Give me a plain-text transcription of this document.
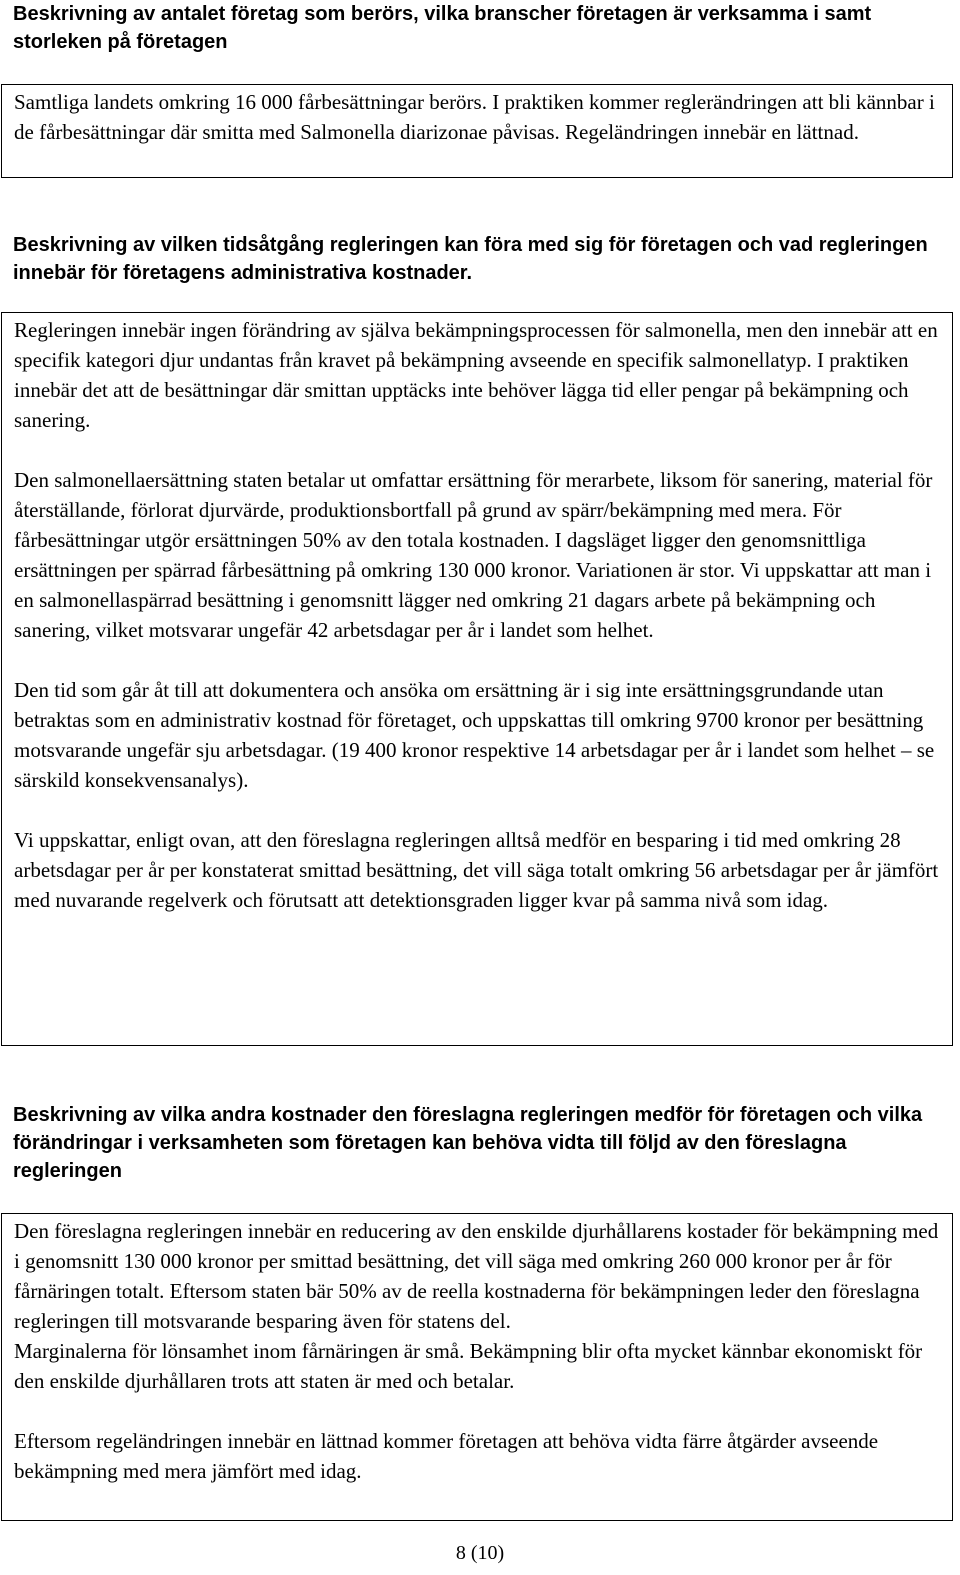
Beskrivning av antalet företag som berörs, vilka branscher företagen är verksamma i samt storleken på företagen

Samtliga landets omkring 16 000 fårbesättningar berörs. I praktiken kommer reglerändringen att bli kännbar i de fårbesättningar där smitta med Salmonella diarizonae påvisas. Regeländringen innebär en lättnad.

Beskrivning av vilken tidsåtgång regleringen kan föra med sig för företagen och vad regleringen innebär för företagens administrativa kostnader.

Regleringen innebär ingen förändring av själva bekämpningsprocessen för salmonella, men den innebär att en specifik kategori djur undantas från kravet på bekämpning avseende en specifik salmonellatyp. I praktiken innebär det att de besättningar där smittan upptäcks inte behöver lägga tid eller pengar på bekämpning och sanering.

Den salmonellaersättning staten betalar ut omfattar ersättning för merarbete, liksom för sanering, material för återställande, förlorat djurvärde, produktionsbortfall på grund av spärr/bekämpning med mera. För fårbesättningar utgör ersättningen 50% av den totala kostnaden. I dagsläget ligger den genomsnittliga ersättningen per spärrad fårbesättning på omkring 130 000 kronor. Variationen är stor. Vi uppskattar att man i en salmonellaspärrad besättning i genomsnitt lägger ned omkring 21 dagars arbete på bekämpning och sanering, vilket motsvarar ungefär 42 arbetsdagar per år i landet som helhet.

Den tid som går åt till att dokumentera och ansöka om ersättning är i sig inte ersättningsgrundande utan betraktas som en administrativ kostnad för företaget, och uppskattas till omkring 9700 kronor per besättning motsvarande ungefär sju arbetsdagar. (19 400 kronor respektive 14 arbetsdagar per år i landet som helhet – se särskild konsekvensanalys).

Vi uppskattar, enligt ovan, att den föreslagna regleringen alltså medför en besparing i tid med omkring 28 arbetsdagar per år per konstaterat smittad besättning, det vill säga totalt omkring 56 arbetsdagar per år jämfört med nuvarande regelverk och förutsatt att detektionsgraden ligger kvar på samma nivå som idag.

Beskrivning av vilka andra kostnader den föreslagna regleringen medför för företagen och vilka förändringar i verksamheten som företagen kan behöva vidta till följd av den föreslagna regleringen

Den föreslagna regleringen innebär en reducering av den enskilde djurhållarens kostader för bekämpning med i genomsnitt 130 000 kronor per smittad besättning, det vill säga med omkring 260 000 kronor per år för fårnäringen totalt. Eftersom staten bär 50% av de reella kostnaderna för bekämpningen leder den föreslagna regleringen till motsvarande besparing även för statens del.

Marginalerna för lönsamhet inom fårnäringen är små. Bekämpning blir ofta mycket kännbar ekonomiskt för den enskilde djurhållaren trots att staten är med och betalar.

Eftersom regeländringen innebär en lättnad kommer företagen att behöva vidta färre åtgärder avseende bekämpning med mera jämfört med idag.

8 (10)
